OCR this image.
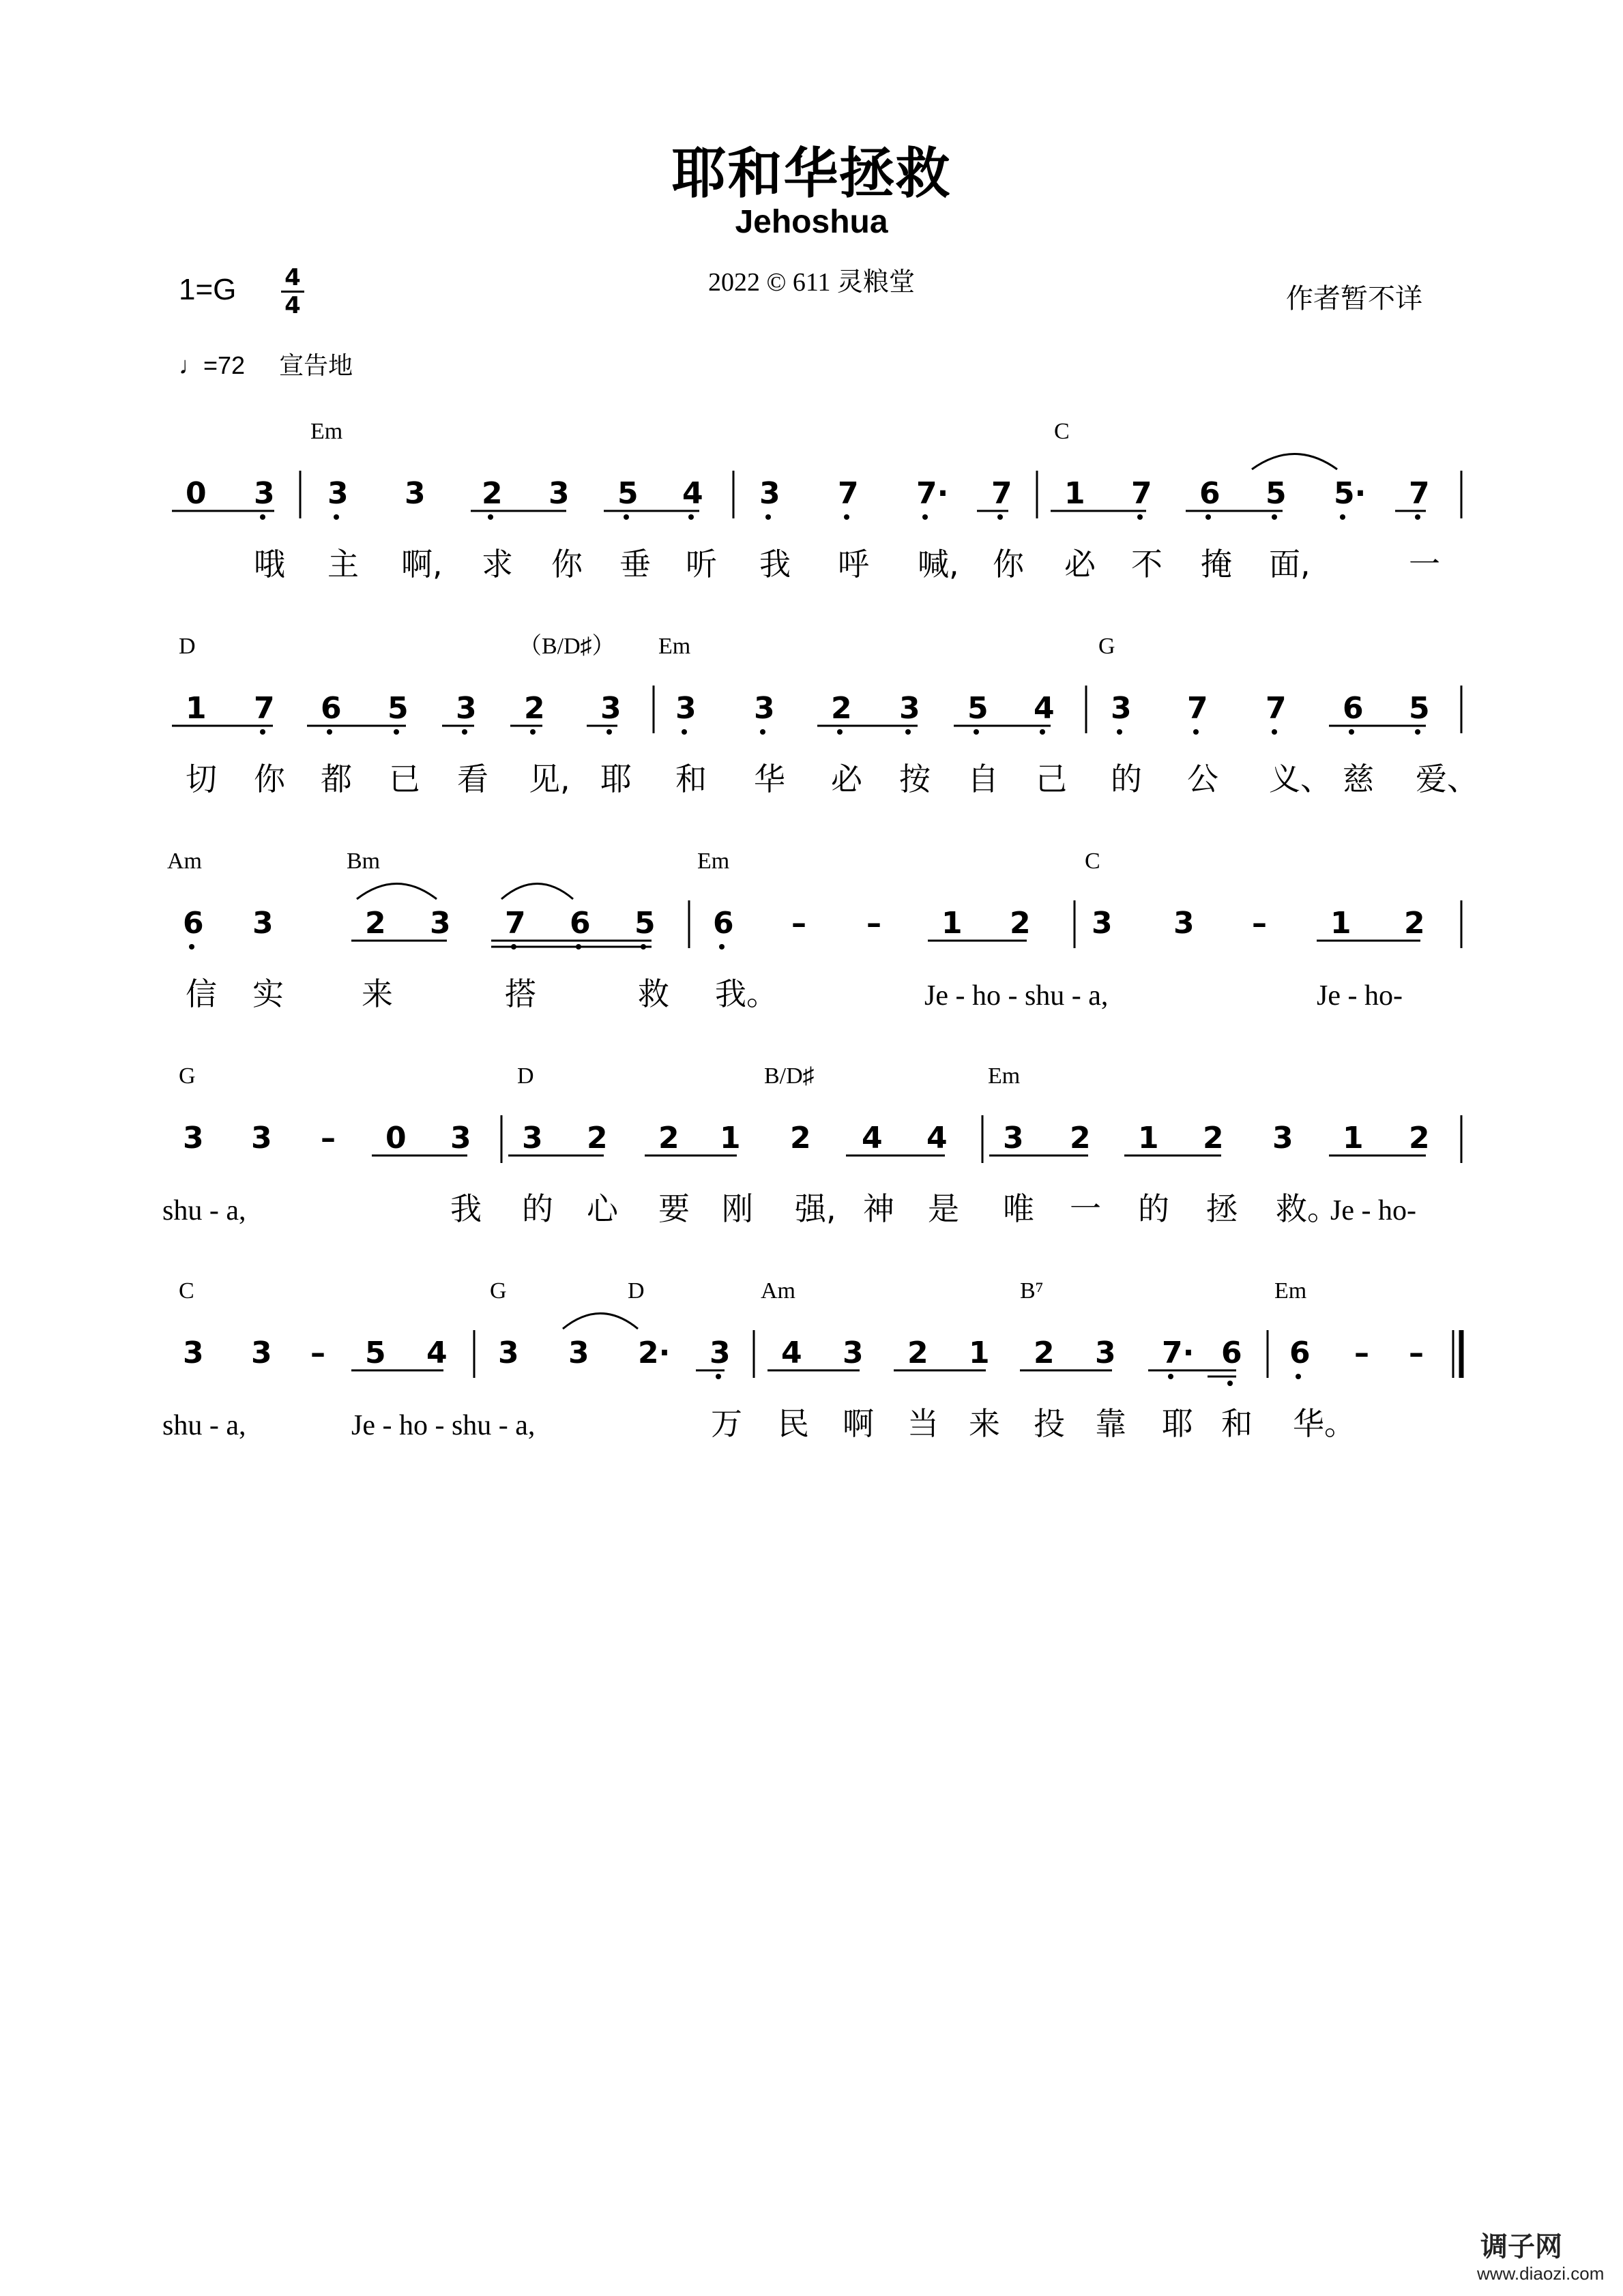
耶和华拯救
Jehoshua
2022 © 611 灵粮堂
1=G 4
4	作者暂不详
♩=72 宣告地
Em	C
0 3 3 3 2 3 5 4 3 7 7· 7 1 7 6 5 5· 7
哦 主 啊, 求 你 垂 听 我 呼 喊, 你 必 不 掩 面,	一
D	（B/D♯） Em	G
1 7 6 5 3 2 3 3 3 2 3 5 4 3 7 7 6 5
切 你 都 已 看 见, 耶 和 华 必 按 自 己 的 公 义、 慈 爱、
Am	Bm	Em	C
6 3	2 3 7 6 5 6 – – 1 2 3 3 – 1 2
信 实 来	搭	救 我。	Je - ho - shu - a,	Je - ho-
G	D	B/D♯	Em
3 3 – 0 3 3 2 2 1 2 4 4 3 2 1 2 3 1 2
我 的 心 要 刚 强, 神 是 唯 一 的 拯 救。
shu - a,	Je - ho-
C	G	D	Am	B⁷	Em
3 3 – 5 4 3 3 2· 3 4 3 2 1 2 3 7· 6 6 – –
万 民 啊 当 来 投 靠 耶 和 华。
shu - a,	Je - ho - shu - a,
调子网
www.diaozi.com
